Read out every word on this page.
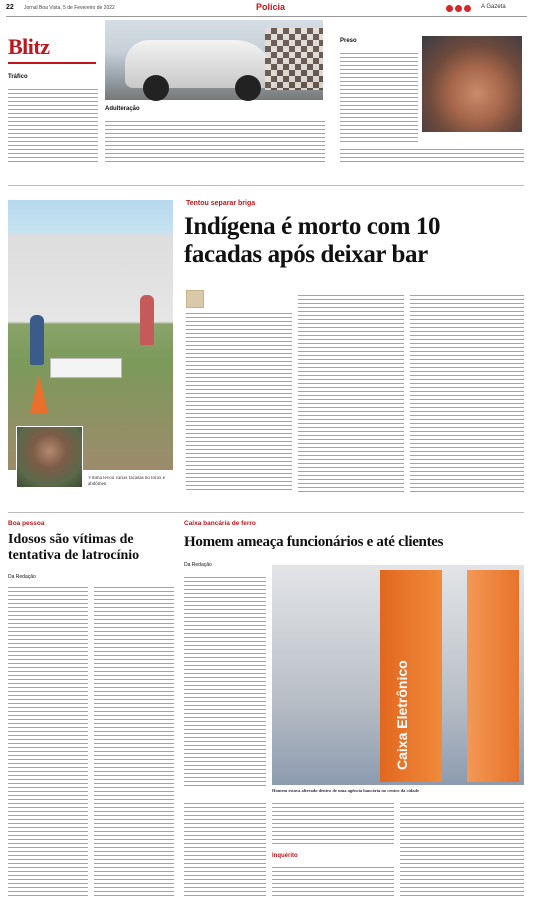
22 Jornal Boa Vista, 5 de Fevereiro de 2022	Polícia	A Gazeta
Blitz
Tráfico
Adulteração
Preso
Vítima levou várias facadas no tórax e abdômen
Tentou separar briga
Indígena é morto com 10
facadas após deixar bar
Boa pessoa
Idosos são vítimas de
tentativa de latrocínio
Da Redação
Caixa bancária de ferro
Homem ameaça funcionários e até clientes
Da Redação
Caixa Eletrônico
Homem estava alterado dentro de uma agência bancária no centro da cidade
Inquérito
